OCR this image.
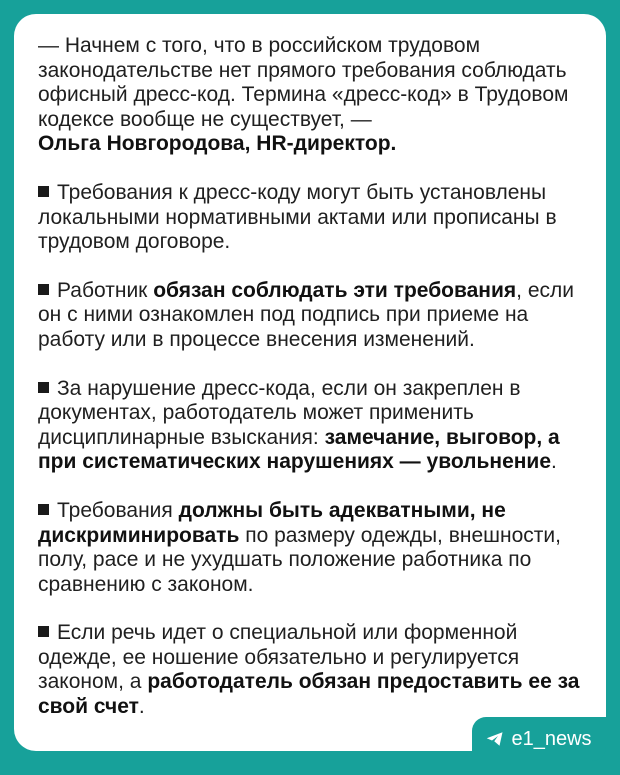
— Начнем с того, что в российском трудовом законодательстве нет прямого требования соблюдать офисный дресс-код. Термина «дресс-код» в Трудовом кодексе вообще не существует, —
Ольга Новгородова, HR-директор.

Требования к дресс-коду могут быть установлены локальными нормативными актами или прописаны в трудовом договоре.

Работник обязан соблюдать эти требования, если он с ними ознакомлен под подпись при приеме на работу или в процессе внесения изменений.

За нарушение дресс-кода, если он закреплен в документах, работодатель может применить дисциплинарные взыскания: замечание, выговор, а при систематических нарушениях — увольнение.

Требования должны быть адекватными, не дискриминировать по размеру одежды, внешности, полу, расе и не ухудшать положение работника по сравнению с законом.

Если речь идет о специальной или форменной одежде, ее ношение обязательно и регулируется законом, а работодатель обязан предоставить ее за свой счет.

e1_news
